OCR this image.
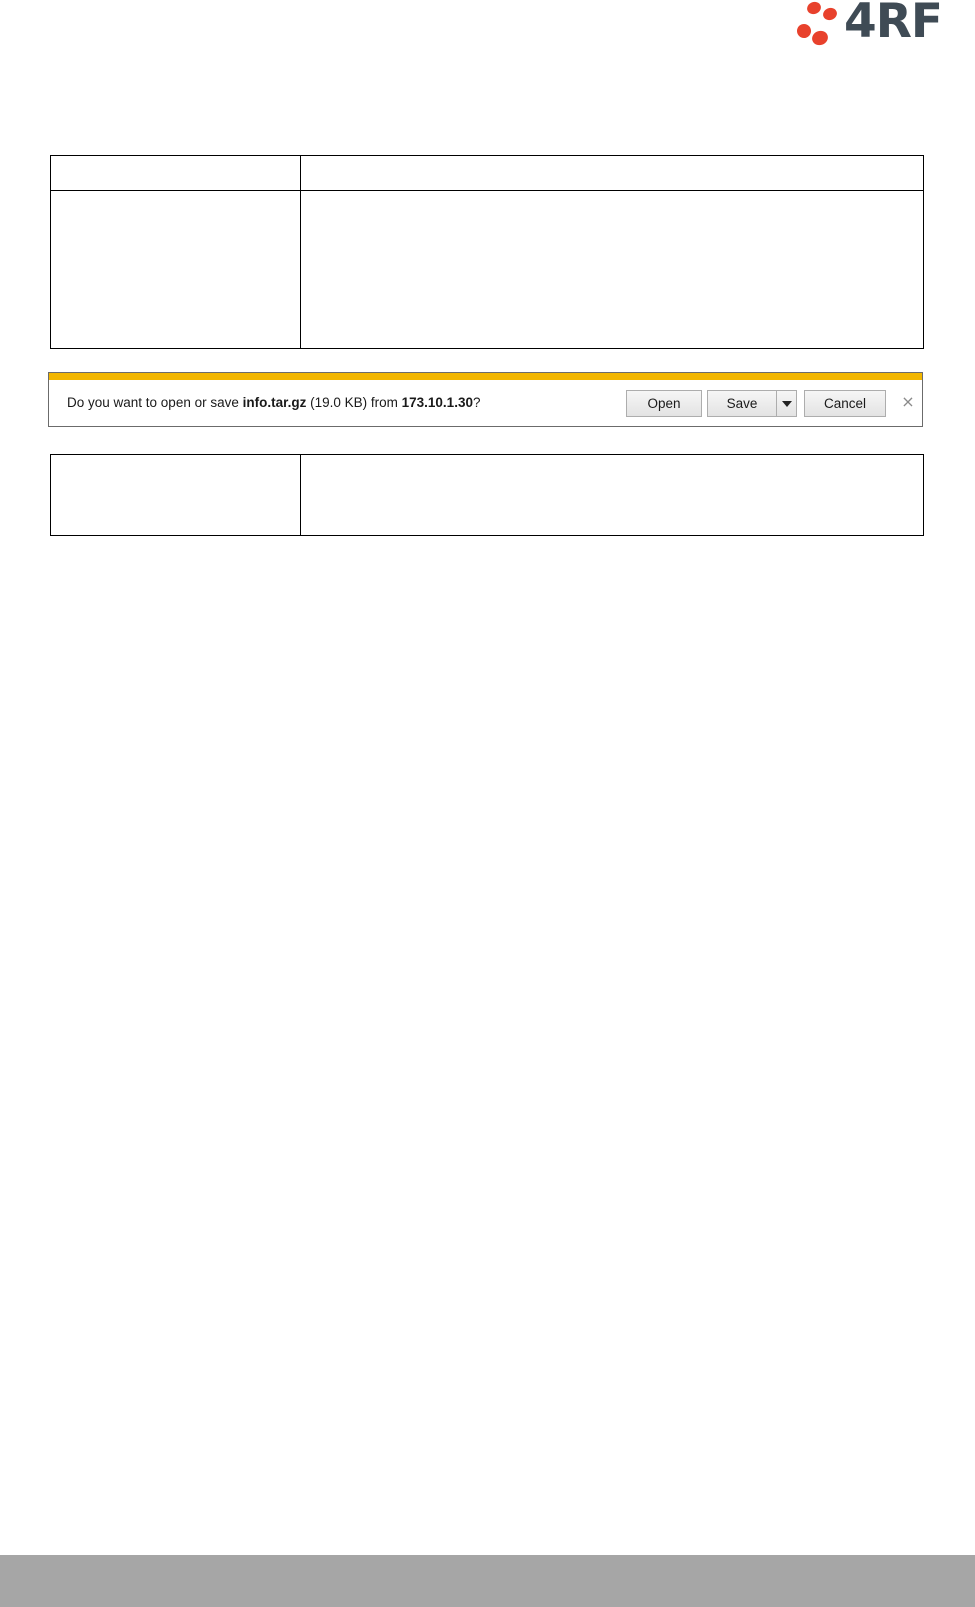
4RF

Do you want to open or save info.tar.gz (19.0 KB) from 173.10.1.30?	Open	Save	Cancel	×
